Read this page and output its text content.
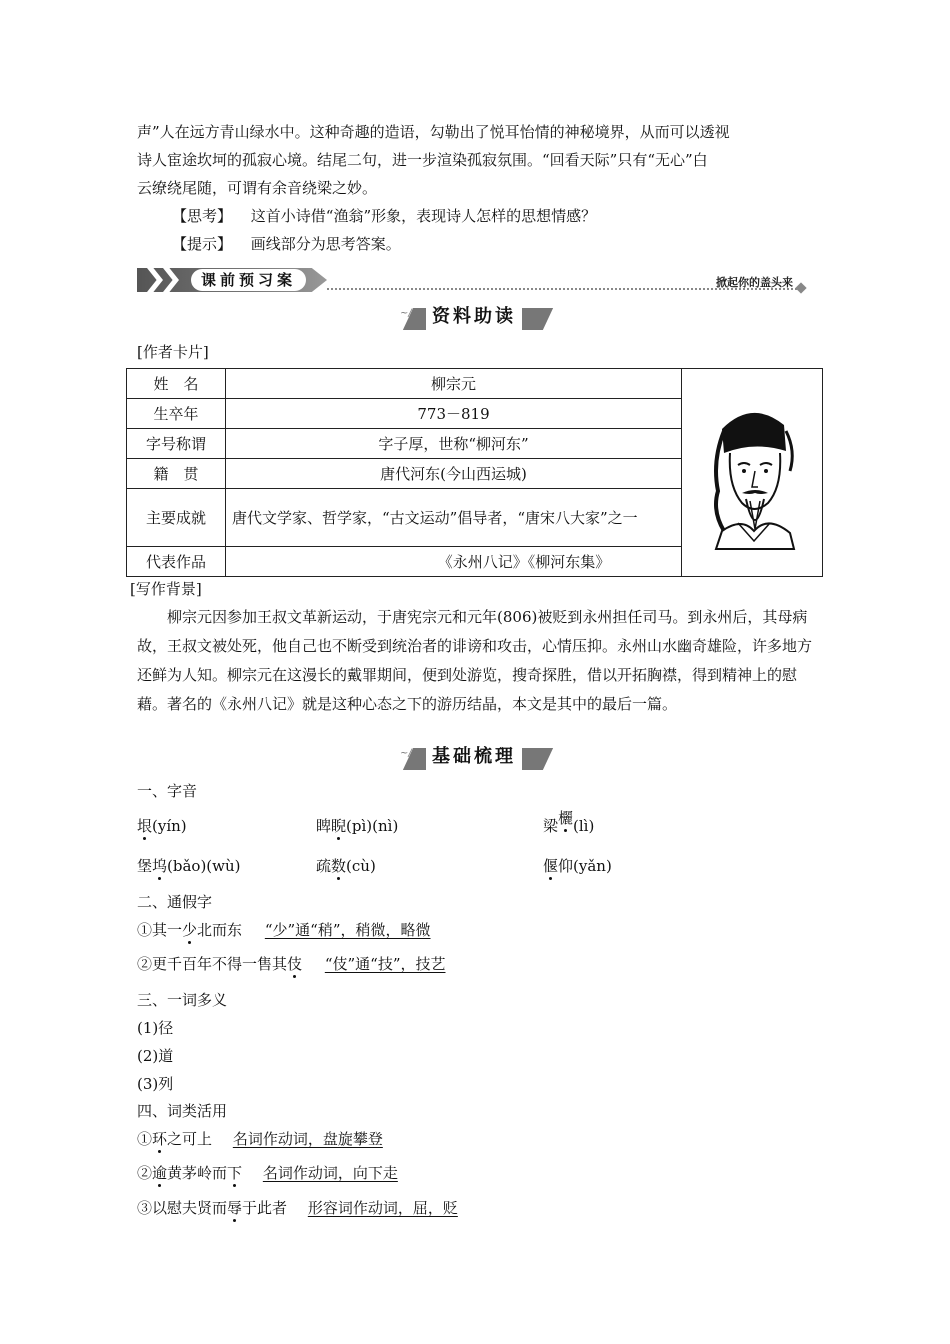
声”人在远方青山绿水中。这种奇趣的造语，勾勒出了悦耳怡情的神秘境界，从而可以透视
诗人宦途坎坷的孤寂心境。结尾二句，进一步渲染孤寂氛围。“回看天际”只有“无心”白
云缭绕尾随，可谓有余音绕梁之妙。
【思考】 这首小诗借“渔翁”形象，表现诗人怎样的思想情感？
【提示】 画线部分为思考答案。
课前预习案	掀起你的盖头来
~/	资料助读
[作者卡片]
姓　名	柳宗元	
生卒年	773－819	
字号称谓	字子厚，世称“柳河东”	
籍　贯	唐代河东(今山西运城)	
主要成就	唐代文学家、哲学家，“古文运动”倡导者，“唐宋八大家”之一	
代表作品	《永州八记》《柳河东集》	
[写作背景]
柳宗元因参加王叔文革新运动，于唐宪宗元和元年(806)被贬到永州担任司马。到永州后，其母病故，王叔文被处死，他自己也不断受到统治者的诽谤和攻击，心情压抑。永州山水幽奇雄险，许多地方还鲜为人知。柳宗元在这漫长的戴罪期间，便到处游览，搜奇探胜，借以开拓胸襟，得到精神上的慰藉。著名的《永州八记》就是这种心态之下的游历结晶，本文是其中的最后一篇。
~/	基础梳理
一、字音
垠(yín)	睥睨(pì)(nì)	梁欐(lì)
堡坞(bǎo)(wù)	疏数(cù)	偃仰(yǎn)
二、通假字
①其一少北而东 “少”通“稍”，稍微，略微
②更千百年不得一售其伎 “伎”通“技”，技艺
三、一词多义
(1)径
(2)道
(3)列
四、词类活用
①环之可上 名词作动词，盘旋攀登
②逾黄茅岭而下 名词作动词，向下走
③以慰夫贤而辱于此者 形容词作动词，屈，贬
